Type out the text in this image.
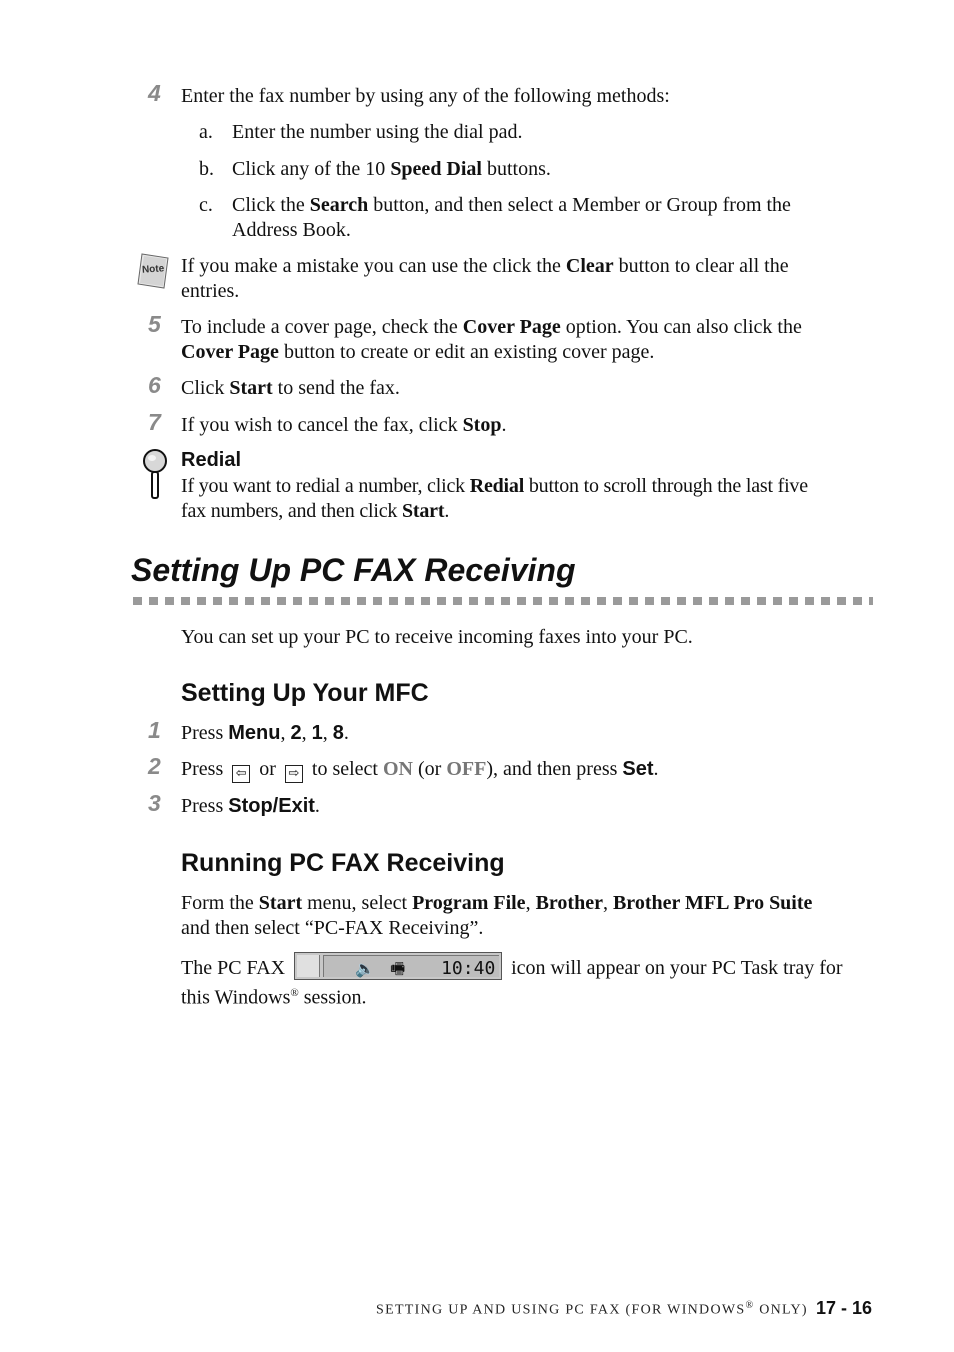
4 Enter the fax number by using any of the following methods:
a. Enter the number using the dial pad.
b. Click any of the 10 Speed Dial buttons.
c. Click the Search button, and then select a Member or Group from the
Address Book.
Note If you make a mistake you can use the click the Clear button to clear all the
entries.
5 To include a cover page, check the Cover Page option. You can also click the
Cover Page button to create or edit an existing cover page.
6 Click Start to send the fax.
7 If you wish to cancel the fax, click Stop.
Redial
If you want to redial a number, click Redial button to scroll through the last five
fax numbers, and then click Start.
Setting Up PC FAX Receiving
You can set up your PC to receive incoming faxes into your PC.
Setting Up Your MFC
1 Press Menu, 2, 1, 8.
2 Press ⇦ or ⇨ to select ON (or OFF), and then press Set.
3 Press Stop/Exit.
Running PC FAX Receiving
Form the Start menu, select Program File, Brother, Brother MFL Pro Suite
and then select “PC-FAX Receiving”.
The PC FAX	🔈 🖷 10:40 icon will appear on your PC Task tray for
this Windows® session.
SETTING UP AND USING PC FAX (FOR WINDOWS® ONLY) 17 - 16
